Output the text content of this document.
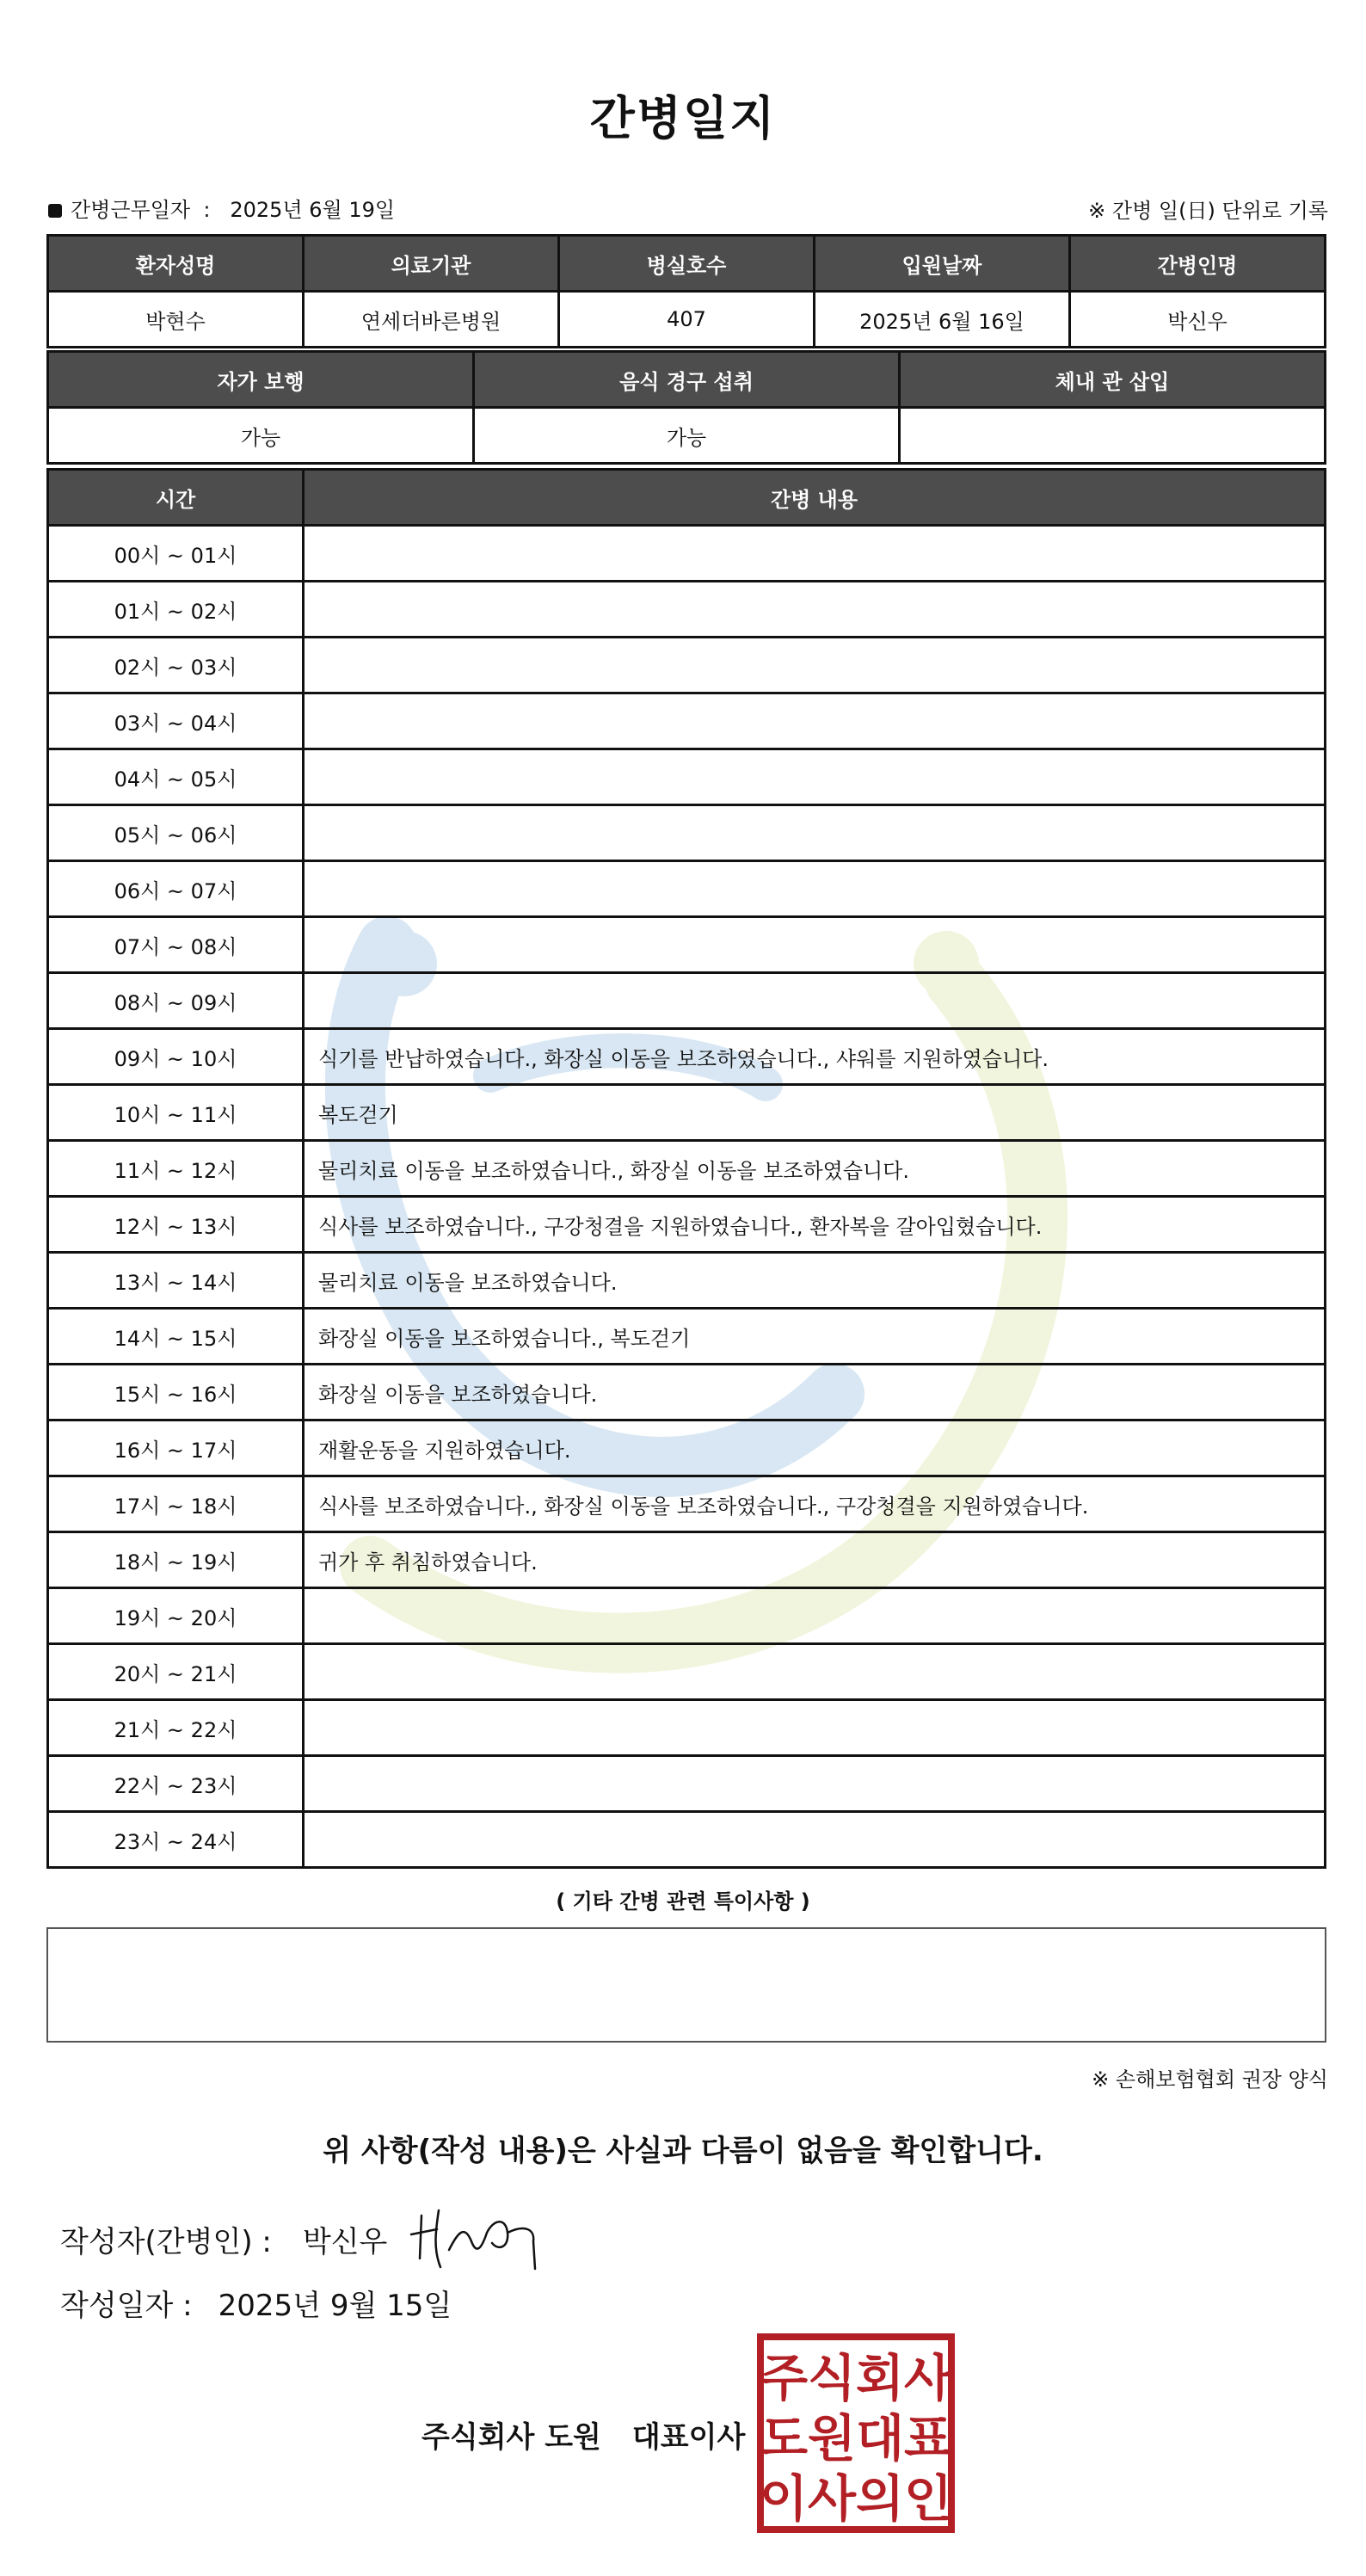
간병일지
간병근무일자 : 2025년 6월 19일	※ 간병 일(日) 단위로 기록
환자성명	의료기관	병실호수	입원날짜	간병인명
박현수	연세더바른병원	407	2025년 6월 16일	박신우
자가 보행	음식 경구 섭취	체내 관 삽입
가능	가능	
시간	간병 내용
00시 ~ 01시	
01시 ~ 02시	
02시 ~ 03시	
03시 ~ 04시	
04시 ~ 05시	
05시 ~ 06시	
06시 ~ 07시	
07시 ~ 08시	
08시 ~ 09시	
09시 ~ 10시	식기를 반납하였습니다., 화장실 이동을 보조하였습니다., 샤워를 지원하였습니다.
10시 ~ 11시	복도걷기
11시 ~ 12시	물리치료 이동을 보조하였습니다., 화장실 이동을 보조하였습니다.
12시 ~ 13시	식사를 보조하였습니다., 구강청결을 지원하였습니다., 환자복을 갈아입혔습니다.
13시 ~ 14시	물리치료 이동을 보조하였습니다.
14시 ~ 15시	화장실 이동을 보조하였습니다., 복도걷기
15시 ~ 16시	화장실 이동을 보조하였습니다.
16시 ~ 17시	재활운동을 지원하였습니다.
17시 ~ 18시	식사를 보조하였습니다., 화장실 이동을 보조하였습니다., 구강청결을 지원하였습니다.
18시 ~ 19시	귀가 후 취침하였습니다.
19시 ~ 20시	
20시 ~ 21시	
21시 ~ 22시	
22시 ~ 23시	
23시 ~ 24시	
( 기타 간병 관련 특이사항 )
※ 손해보험협회 권장 양식
위 사항(작성 내용)은 사실과 다름이 없음을 확인합니다.
작성자(간병인) : 박신우
작성일자 : 2025년 9월 15일
주식회사 도원 대표이사
주식회사
도원대표
이사의인
